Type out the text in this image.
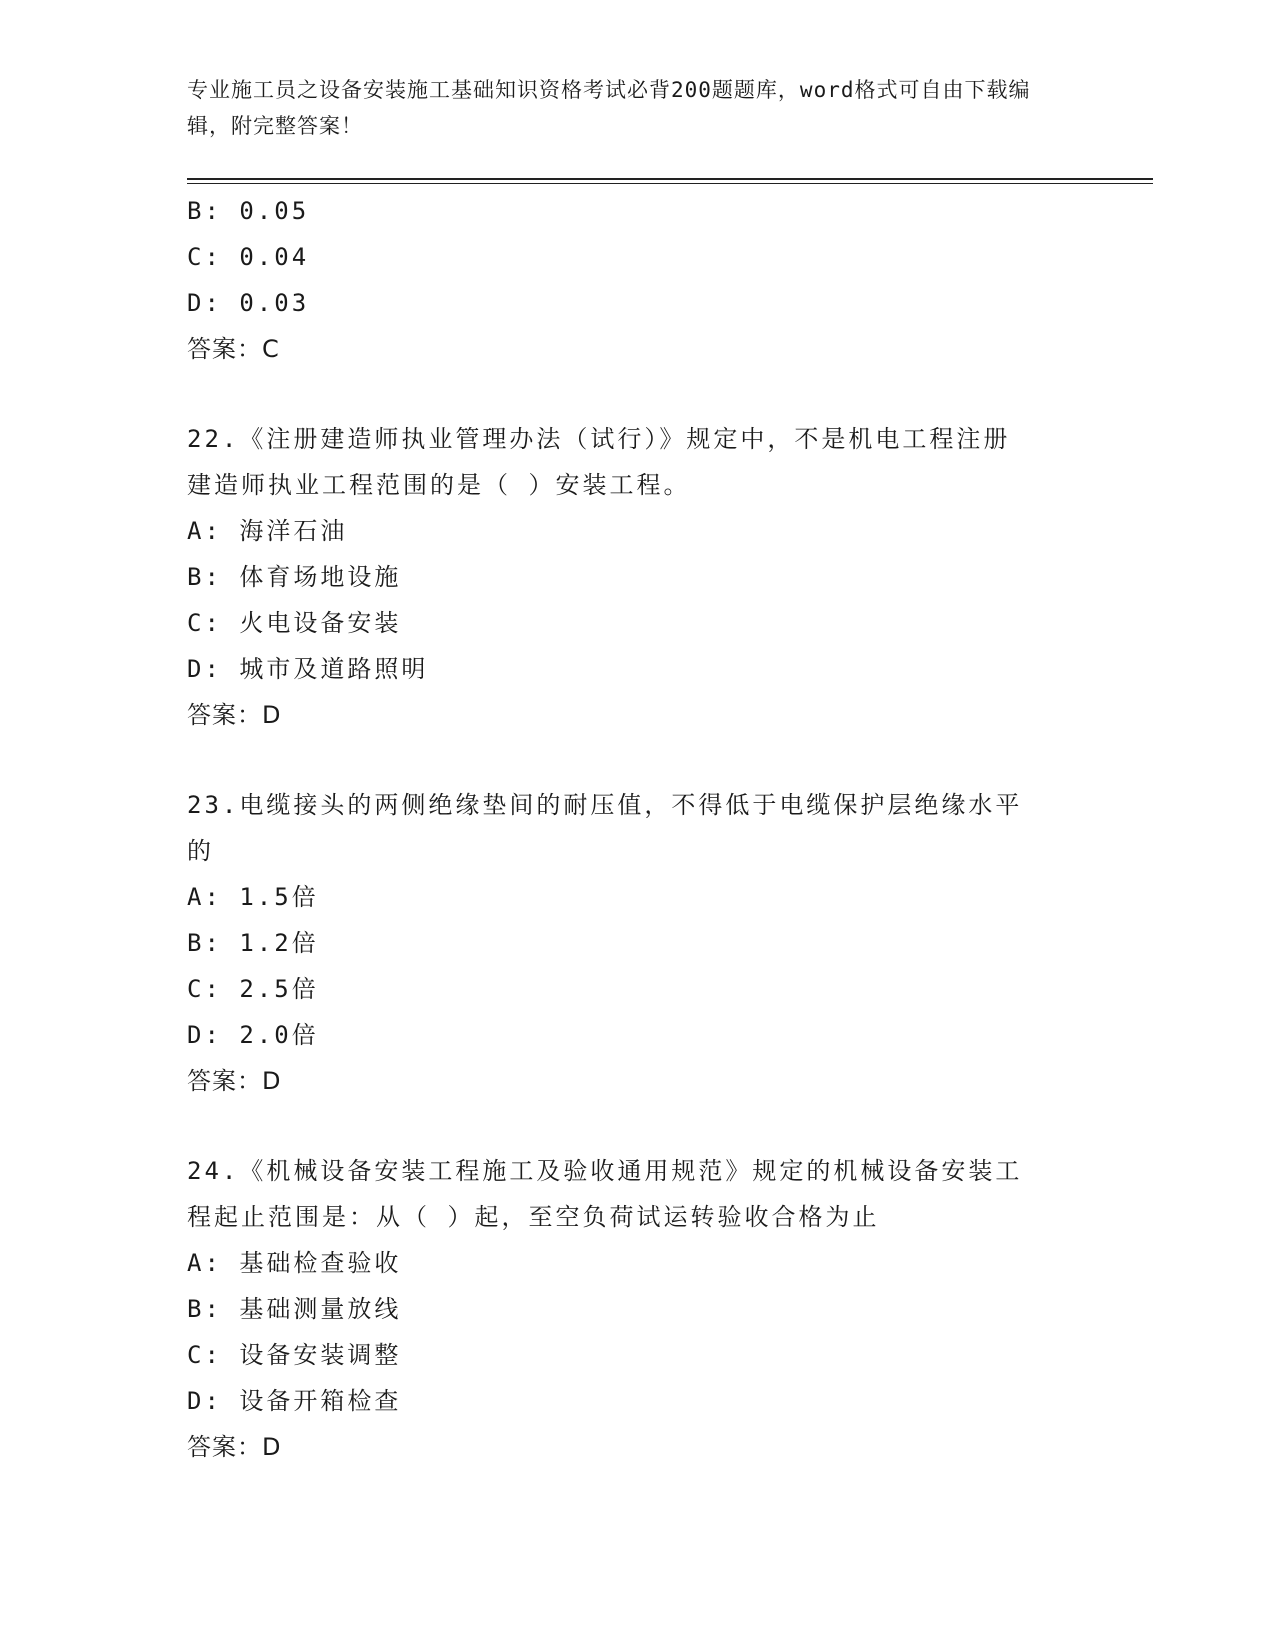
专业施工员之设备安装施工基础知识资格考试必背200题题库，word格式可自由下载编辑，附完整答案！
B: 0.05
C: 0.04
D: 0.03
答案：C
22.《注册建造师执业管理办法（试行）》规定中，不是机电工程注册
建造师执业工程范围的是（ ）安装工程。
A: 海洋石油
B: 体育场地设施
C: 火电设备安装
D: 城市及道路照明
答案：D
23.电缆接头的两侧绝缘垫间的耐压值，不得低于电缆保护层绝缘水平
的
A: 1.5倍
B: 1.2倍
C: 2.5倍
D: 2.0倍
答案：D
24.《机械设备安装工程施工及验收通用规范》规定的机械设备安装工
程起止范围是：从（ ）起，至空负荷试运转验收合格为止
A: 基础检查验收
B: 基础测量放线
C: 设备安装调整
D: 设备开箱检查
答案：D
